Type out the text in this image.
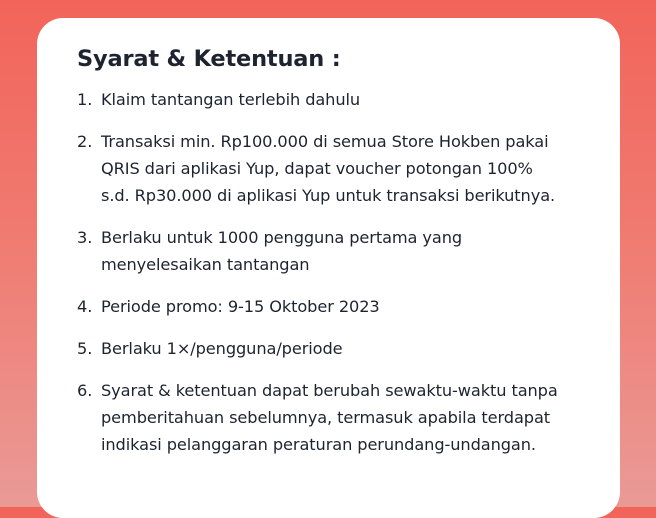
Syarat & Ketentuan :
1. Klaim tantangan terlebih dahulu
2. Transaksi min. Rp100.000 di semua Store Hokben pakai
QRIS dari aplikasi Yup, dapat voucher potongan 100%
s.d. Rp30.000 di aplikasi Yup untuk transaksi berikutnya.
3. Berlaku untuk 1000 pengguna pertama yang
menyelesaikan tantangan
4. Periode promo: 9-15 Oktober 2023
5. Berlaku 1×/pengguna/periode
6. Syarat & ketentuan dapat berubah sewaktu-waktu tanpa
pemberitahuan sebelumnya, termasuk apabila terdapat
indikasi pelanggaran peraturan perundang-undangan.
